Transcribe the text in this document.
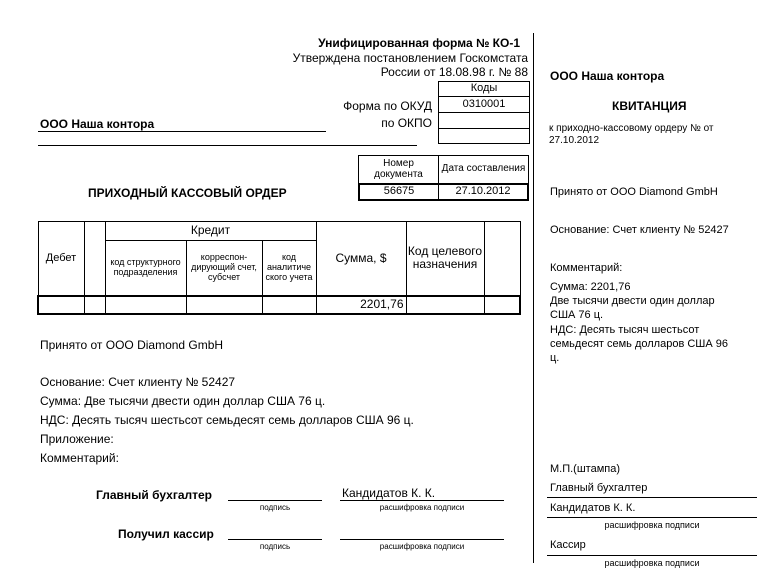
Унифицированная форма № КО-1
Утверждена постановлением Госкомстата
России от 18.08.98 г. № 88
Коды
0310001
Форма по ОКУД
по ОКПО
ООО Наша контора
Номер документа	Дата составления
56675	27.10.2012
ПРИХОДНЫЙ КАССОВЫЙ ОРДЕР
Дебет		Кредит			Сумма, $	Код целевого назначения	
		код структурного подразделения	корреспон-дирующий счет, субсчет	код аналитиче ского учета			
					2201,76		
Принято от ООО Diamond GmbH
Основание: Счет клиенту № 52427
Сумма: Две тысячи двести один доллар США 76 ц.
НДС: Десять тысяч шестьсот семьдесят семь долларов США 96 ц.
Приложение:
Комментарий:
Главный бухгалтер
подпись
Кандидатов К. К.
расшифровка подписи
Получил кассир
подпись	расшифровка подписи
ООО Наша контора
КВИТАНЦИЯ
к приходно-кассовому ордеру № от
27.10.2012
Принято от ООО Diamond GmbH
Основание: Счет клиенту № 52427
Комментарий:
Сумма: 2201,76
Две тысячи двести один доллар
США 76 ц.
НДС: Десять тысяч шестьсот
семьдесят семь долларов США 96
ц.
М.П.(штампа)
Главный бухгалтер
Кандидатов К. К.
расшифровка подписи
Кассир
расшифровка подписи
